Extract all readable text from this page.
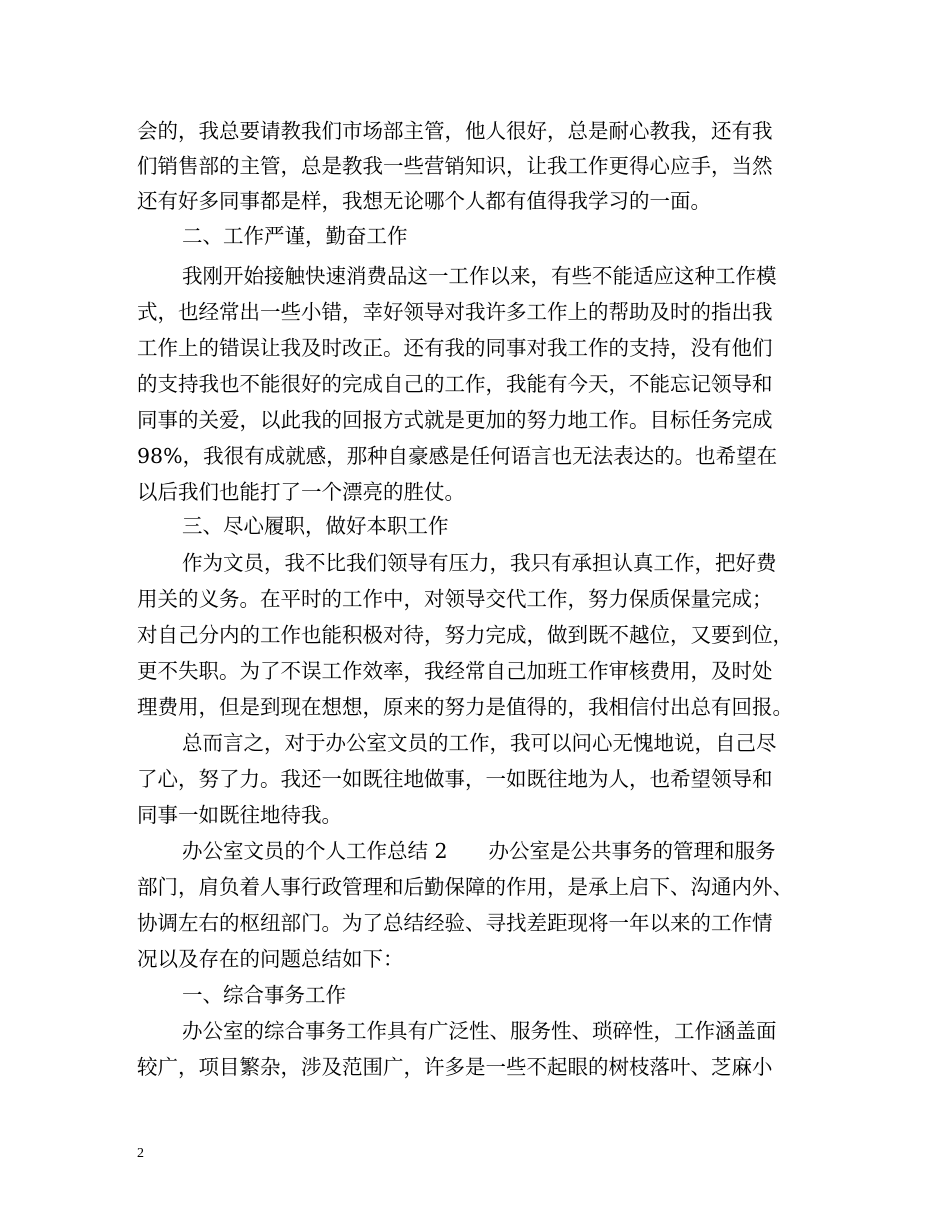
会的，我总要请教我们市场部主管，他人很好，总是耐心教我，还有我
们销售部的主管，总是教我一些营销知识，让我工作更得心应手，当然
还有好多同事都是样，我想无论哪个人都有值得我学习的一面。
二、工作严谨，勤奋工作
我刚开始接触快速消费品这一工作以来，有些不能适应这种工作模
式，也经常出一些小错，幸好领导对我许多工作上的帮助及时的指出我
工作上的错误让我及时改正。还有我的同事对我工作的支持，没有他们
的支持我也不能很好的完成自己的工作，我能有今天，不能忘记领导和
同事的关爱，以此我的回报方式就是更加的努力地工作。目标任务完成
98%，我很有成就感，那种自豪感是任何语言也无法表达的。也希望在
以后我们也能打了一个漂亮的胜仗。
三、尽心履职，做好本职工作
作为文员，我不比我们领导有压力，我只有承担认真工作，把好费
用关的义务。在平时的工作中，对领导交代工作，努力保质保量完成；
对自己分内的工作也能积极对待，努力完成，做到既不越位，又要到位，
更不失职。为了不误工作效率，我经常自己加班工作审核费用，及时处
理费用，但是到现在想想，原来的努力是值得的，我相信付出总有回报。
总而言之，对于办公室文员的工作，我可以问心无愧地说，自己尽
了心，努了力。我还一如既往地做事，一如既往地为人，也希望领导和
同事一如既往地待我。
办公室文员的个人工作总结 2　　办公室是公共事务的管理和服务
部门，肩负着人事行政管理和后勤保障的作用，是承上启下、沟通内外、
协调左右的枢纽部门。为了总结经验、寻找差距现将一年以来的工作情
况以及存在的问题总结如下：
一、综合事务工作
办公室的综合事务工作具有广泛性、服务性、琐碎性，工作涵盖面
较广，项目繁杂，涉及范围广，许多是一些不起眼的树枝落叶、芝麻小
2
